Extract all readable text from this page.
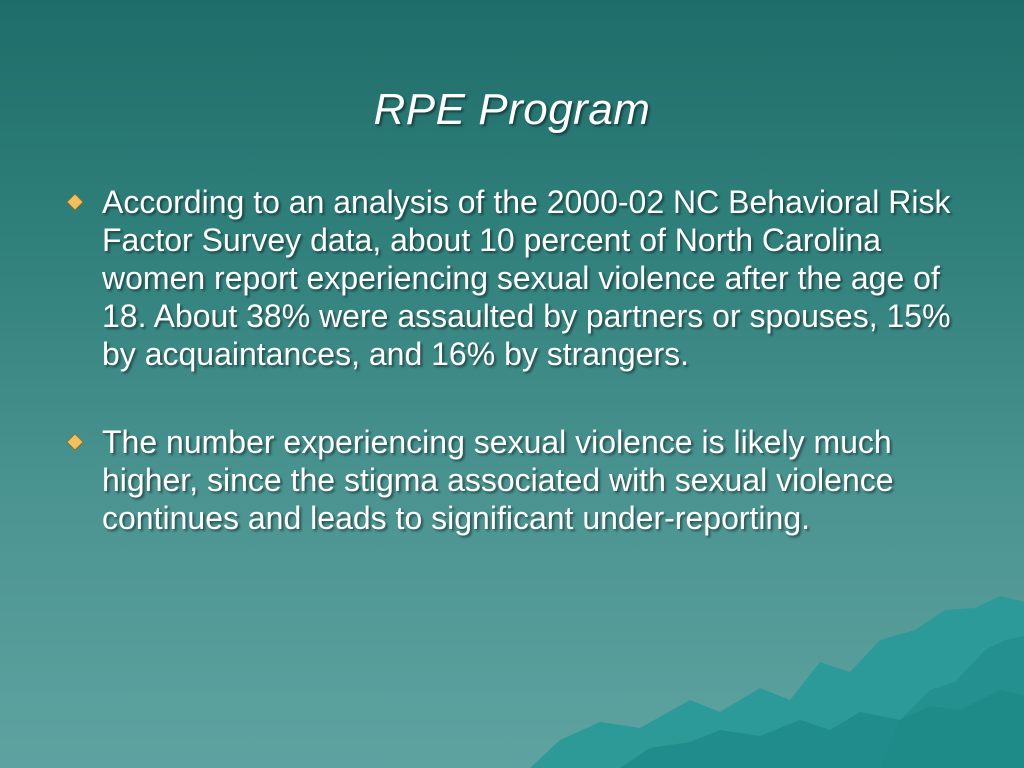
RPE Program
According to an analysis of the 2000-02 NC Behavioral Risk Factor Survey data, about 10 percent of North Carolina women report experiencing sexual violence after the age of 18. About 38% were assaulted by partners or spouses, 15% by acquaintances, and 16% by strangers.
The number experiencing sexual violence is likely much higher, since the stigma associated with sexual violence continues and leads to significant under-reporting.
